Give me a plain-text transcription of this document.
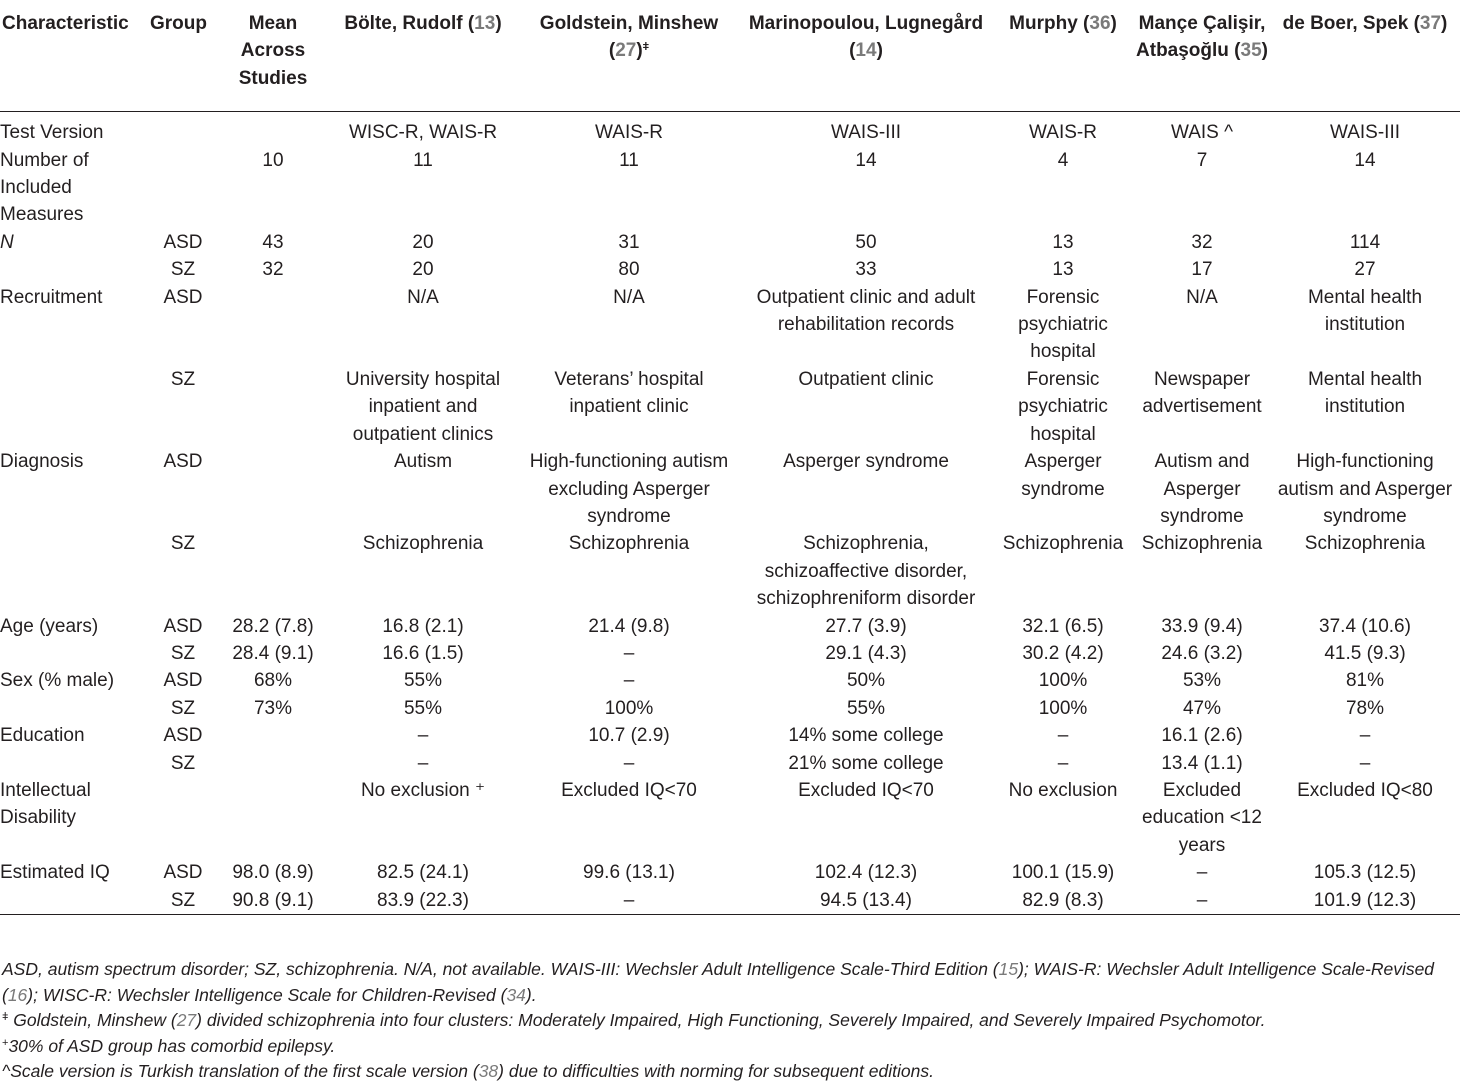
Characteristic	Group	Mean Across Studies	Bölte, Rudolf (13)	Goldstein, Minshew $(27)^ǂ$	Marinopoulou, Lugnegård (14)	Murphy (36)	Mançe Çalişir, Atbaşoğlu (35)	de Boer, Spek (37)
Test Version			WISC-R, WAIS-R	WAIS-R	WAIS-III	WAIS-R	WAIS ^	WAIS-III
Number of Included Measures		10	11	11	14	4	7	14
N	ASD	43	20	31	50	13	32	114
	SZ	32	20	80	33	13	17	27
Recruitment	ASD		N/A	N/A	Outpatient clinic and adult rehabilitation records	Forensic psychiatric hospital	N/A	Mental health institution
	SZ		University hospital inpatient and outpatient clinics	Veterans’ hospital inpatient clinic	Outpatient clinic	Forensic psychiatric hospital	Newspaper advertisement	Mental health institution
Diagnosis	ASD		Autism	High-functioning autism excluding Asperger syndrome	Asperger syndrome	Asperger syndrome	Autism and Asperger syndrome	High-functioning autism and Asperger syndrome
	SZ		Schizophrenia	Schizophrenia	Schizophrenia, schizoaffective disorder, schizophreniform disorder	Schizophrenia	Schizophrenia	Schizophrenia
Age (years)	ASD	28.2 (7.8)	16.8 (2.1)	21.4 (9.8)	27.7 (3.9)	32.1 (6.5)	33.9 (9.4)	37.4 (10.6)
	SZ	28.4 (9.1)	16.6 (1.5)	–	29.1 (4.3)	30.2 (4.2)	24.6 (3.2)	41.5 (9.3)
Sex (% male)	ASD	68%	55%	–	50%	100%	53%	81%
	SZ	73%	55%	100%	55%	100%	47%	78%
Education	ASD		–	10.7 (2.9)	14% some college	–	16.1 (2.6)	–
	SZ		–	–	21% some college	–	13.4 (1.1)	–
Intellectual Disability			No exclusion ⁺	Excluded IQ<70	Excluded IQ<70	No exclusion	Excluded education <12 years	Excluded IQ<80
Estimated IQ	ASD	98.0 (8.9)	82.5 (24.1)	99.6 (13.1)	102.4 (12.3)	100.1 (15.9)	–	105.3 (12.5)
	SZ	90.8 (9.1)	83.9 (22.3)	–	94.5 (13.4)	82.9 (8.3)	–	101.9 (12.3)

ASD, autism spectrum disorder; SZ, schizophrenia. N/A, not available. WAIS-III: Wechsler Adult Intelligence Scale-Third Edition (15); WAIS-R: Wechsler Adult Intelligence Scale-Revised (16); WISC-R: Wechsler Intelligence Scale for Children-Revised (34).

$^ǂ$ Goldstein, Minshew (27) divided schizophrenia into four clusters: Moderately Impaired, High Functioning, Severely Impaired, and Severely Impaired Psychomotor.

+30% of ASD group has comorbid epilepsy.

^Scale version is Turkish translation of the first scale version (38) due to difficulties with norming for subsequent editions.
